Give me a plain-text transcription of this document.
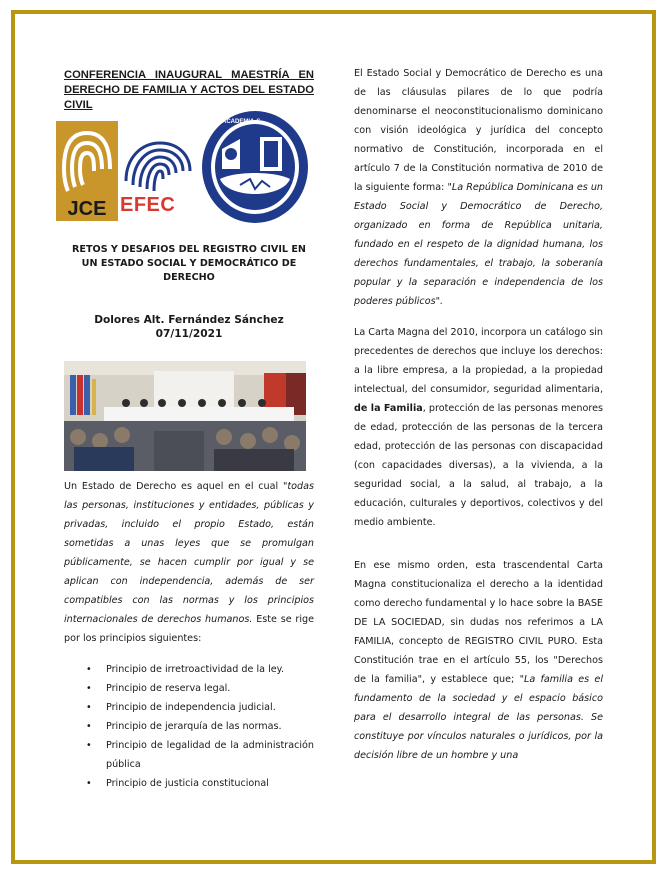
CONFERENCIA INAUGURAL MAESTRÍA EN DERECHO DE FAMILIA Y ACTOS DEL ESTADO CIVIL
JCE EFEC
·ACADEMIA·S·
RETOS Y DESAFIOS DEL REGISTRO CIVIL EN UN ESTADO SOCIAL Y DEMOCRÁTICO DE DERECHO
Dolores Alt. Fernández Sánchez
07/11/2021
Un Estado de Derecho es aquel en el cual "todas las personas, instituciones y entidades, públicas y privadas, incluido el propio Estado, están sometidas a unas leyes que se promulgan públicamente, se hacen cumplir por igual y se aplican con independencia, además de ser compatibles con las normas y los principios internacionales de derechos humanos. Este se rige por los principios siguientes:
• Principio de irretroactividad de la ley.
• Principio de reserva legal.
• Principio de independencia judicial.
• Principio de jerarquía de las normas.
• Principio de legalidad de la administración pública
• Principio de justicia constitucional
El Estado Social y Democrático de Derecho es una de las cláusulas pilares de lo que podría denominarse el neoconstitucionalismo dominicano con visión ideológica y jurídica del concepto normativo de Constitución, incorporada en el artículo 7 de la Constitución normativa de 2010 de la siguiente forma: "La República Dominicana es un Estado Social y Democrático de Derecho, organizado en forma de República unitaria, fundado en el respeto de la dignidad humana, los derechos fundamentales, el trabajo, la soberanía popular y la separación e independencia de los poderes públicos".
La Carta Magna del 2010, incorpora un catálogo sin precedentes de derechos que incluye los derechos: a la libre empresa, a la propiedad, a la propiedad intelectual, del consumidor, seguridad alimentaria, de la Familia, protección de las personas menores de edad, protección de las personas de la tercera edad, protección de las personas con discapacidad (con capacidades diversas), a la vivienda, a la seguridad social, a la salud, al trabajo, a la educación, culturales y deportivos, colectivos y del medio ambiente.
En ese mismo orden, esta trascendental Carta Magna constitucionaliza el derecho a la identidad como derecho fundamental y lo hace sobre la BASE DE LA SOCIEDAD, sin dudas nos referimos a LA FAMILIA, concepto de REGISTRO CIVIL PURO. Esta Constitución trae en el artículo 55, los "Derechos de la familia", y establece que; "La familia es el fundamento de la sociedad y el espacio básico para el desarrollo integral de las personas. Se constituye por vínculos naturales o jurídicos, por la decisión libre de un hombre y una
